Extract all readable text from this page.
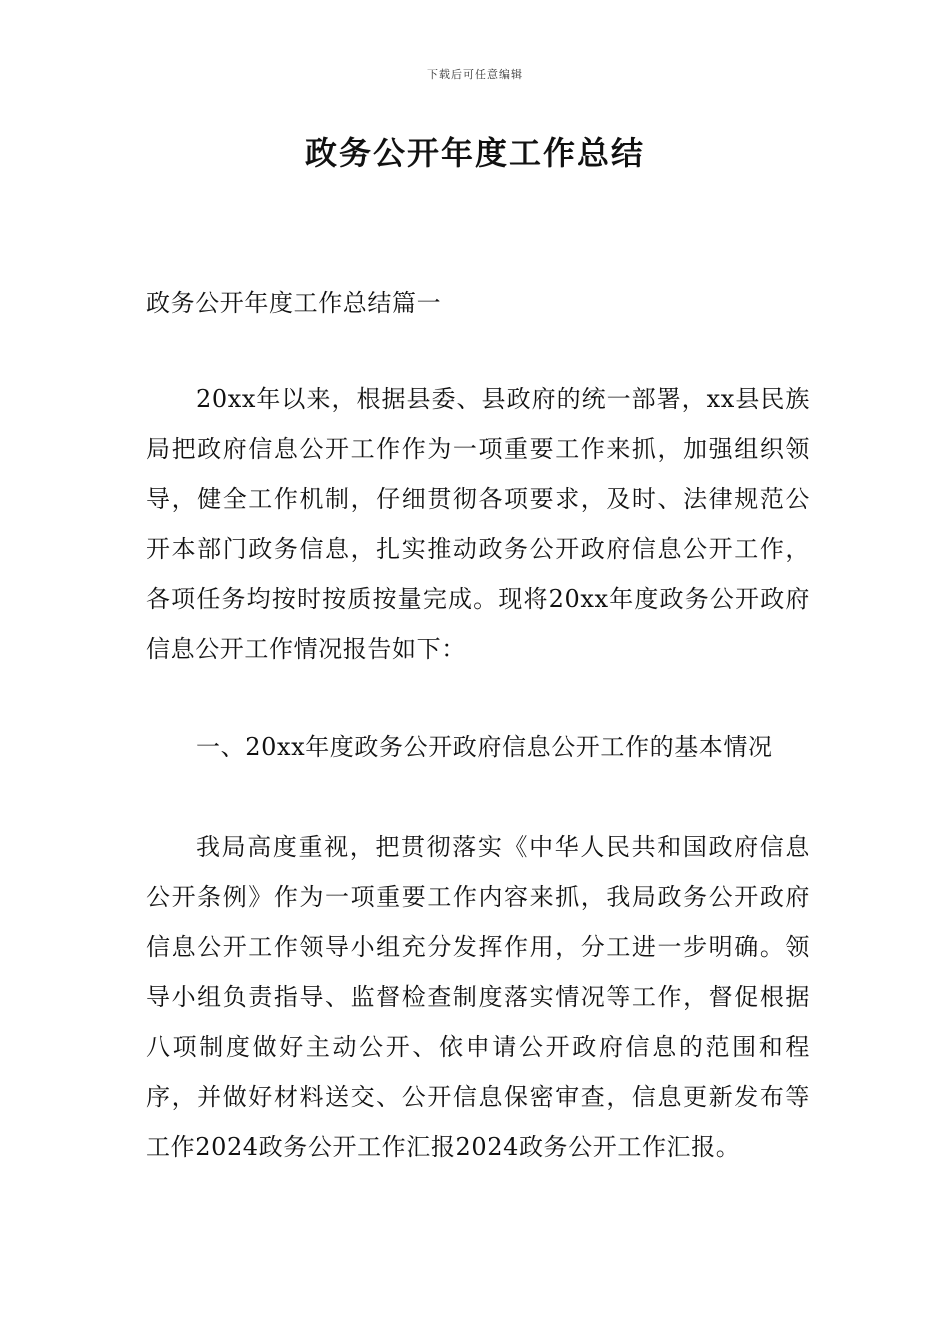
下载后可任意编辑
政务公开年度工作总结

政务公开年度工作总结篇一

20xx年以来，根据县委、县政府的统一部署，xx县民族局把政府信息公开工作作为一项重要工作来抓，加强组织领导，健全工作机制，仔细贯彻各项要求，及时、法律规范公开本部门政务信息，扎实推动政务公开政府信息公开工作，各项任务均按时按质按量完成。现将20xx年度政务公开政府信息公开工作情况报告如下：

一、20xx年度政务公开政府信息公开工作的基本情况

我局高度重视，把贯彻落实《中华人民共和国政府信息公开条例》作为一项重要工作内容来抓，我局政务公开政府信息公开工作领导小组充分发挥作用，分工进一步明确。领导小组负责指导、监督检查制度落实情况等工作，督促根据八项制度做好主动公开、依申请公开政府信息的范围和程序，并做好材料送交、公开信息保密审查，信息更新发布等工作2024政务公开工作汇报2024政务公开工作汇报。
